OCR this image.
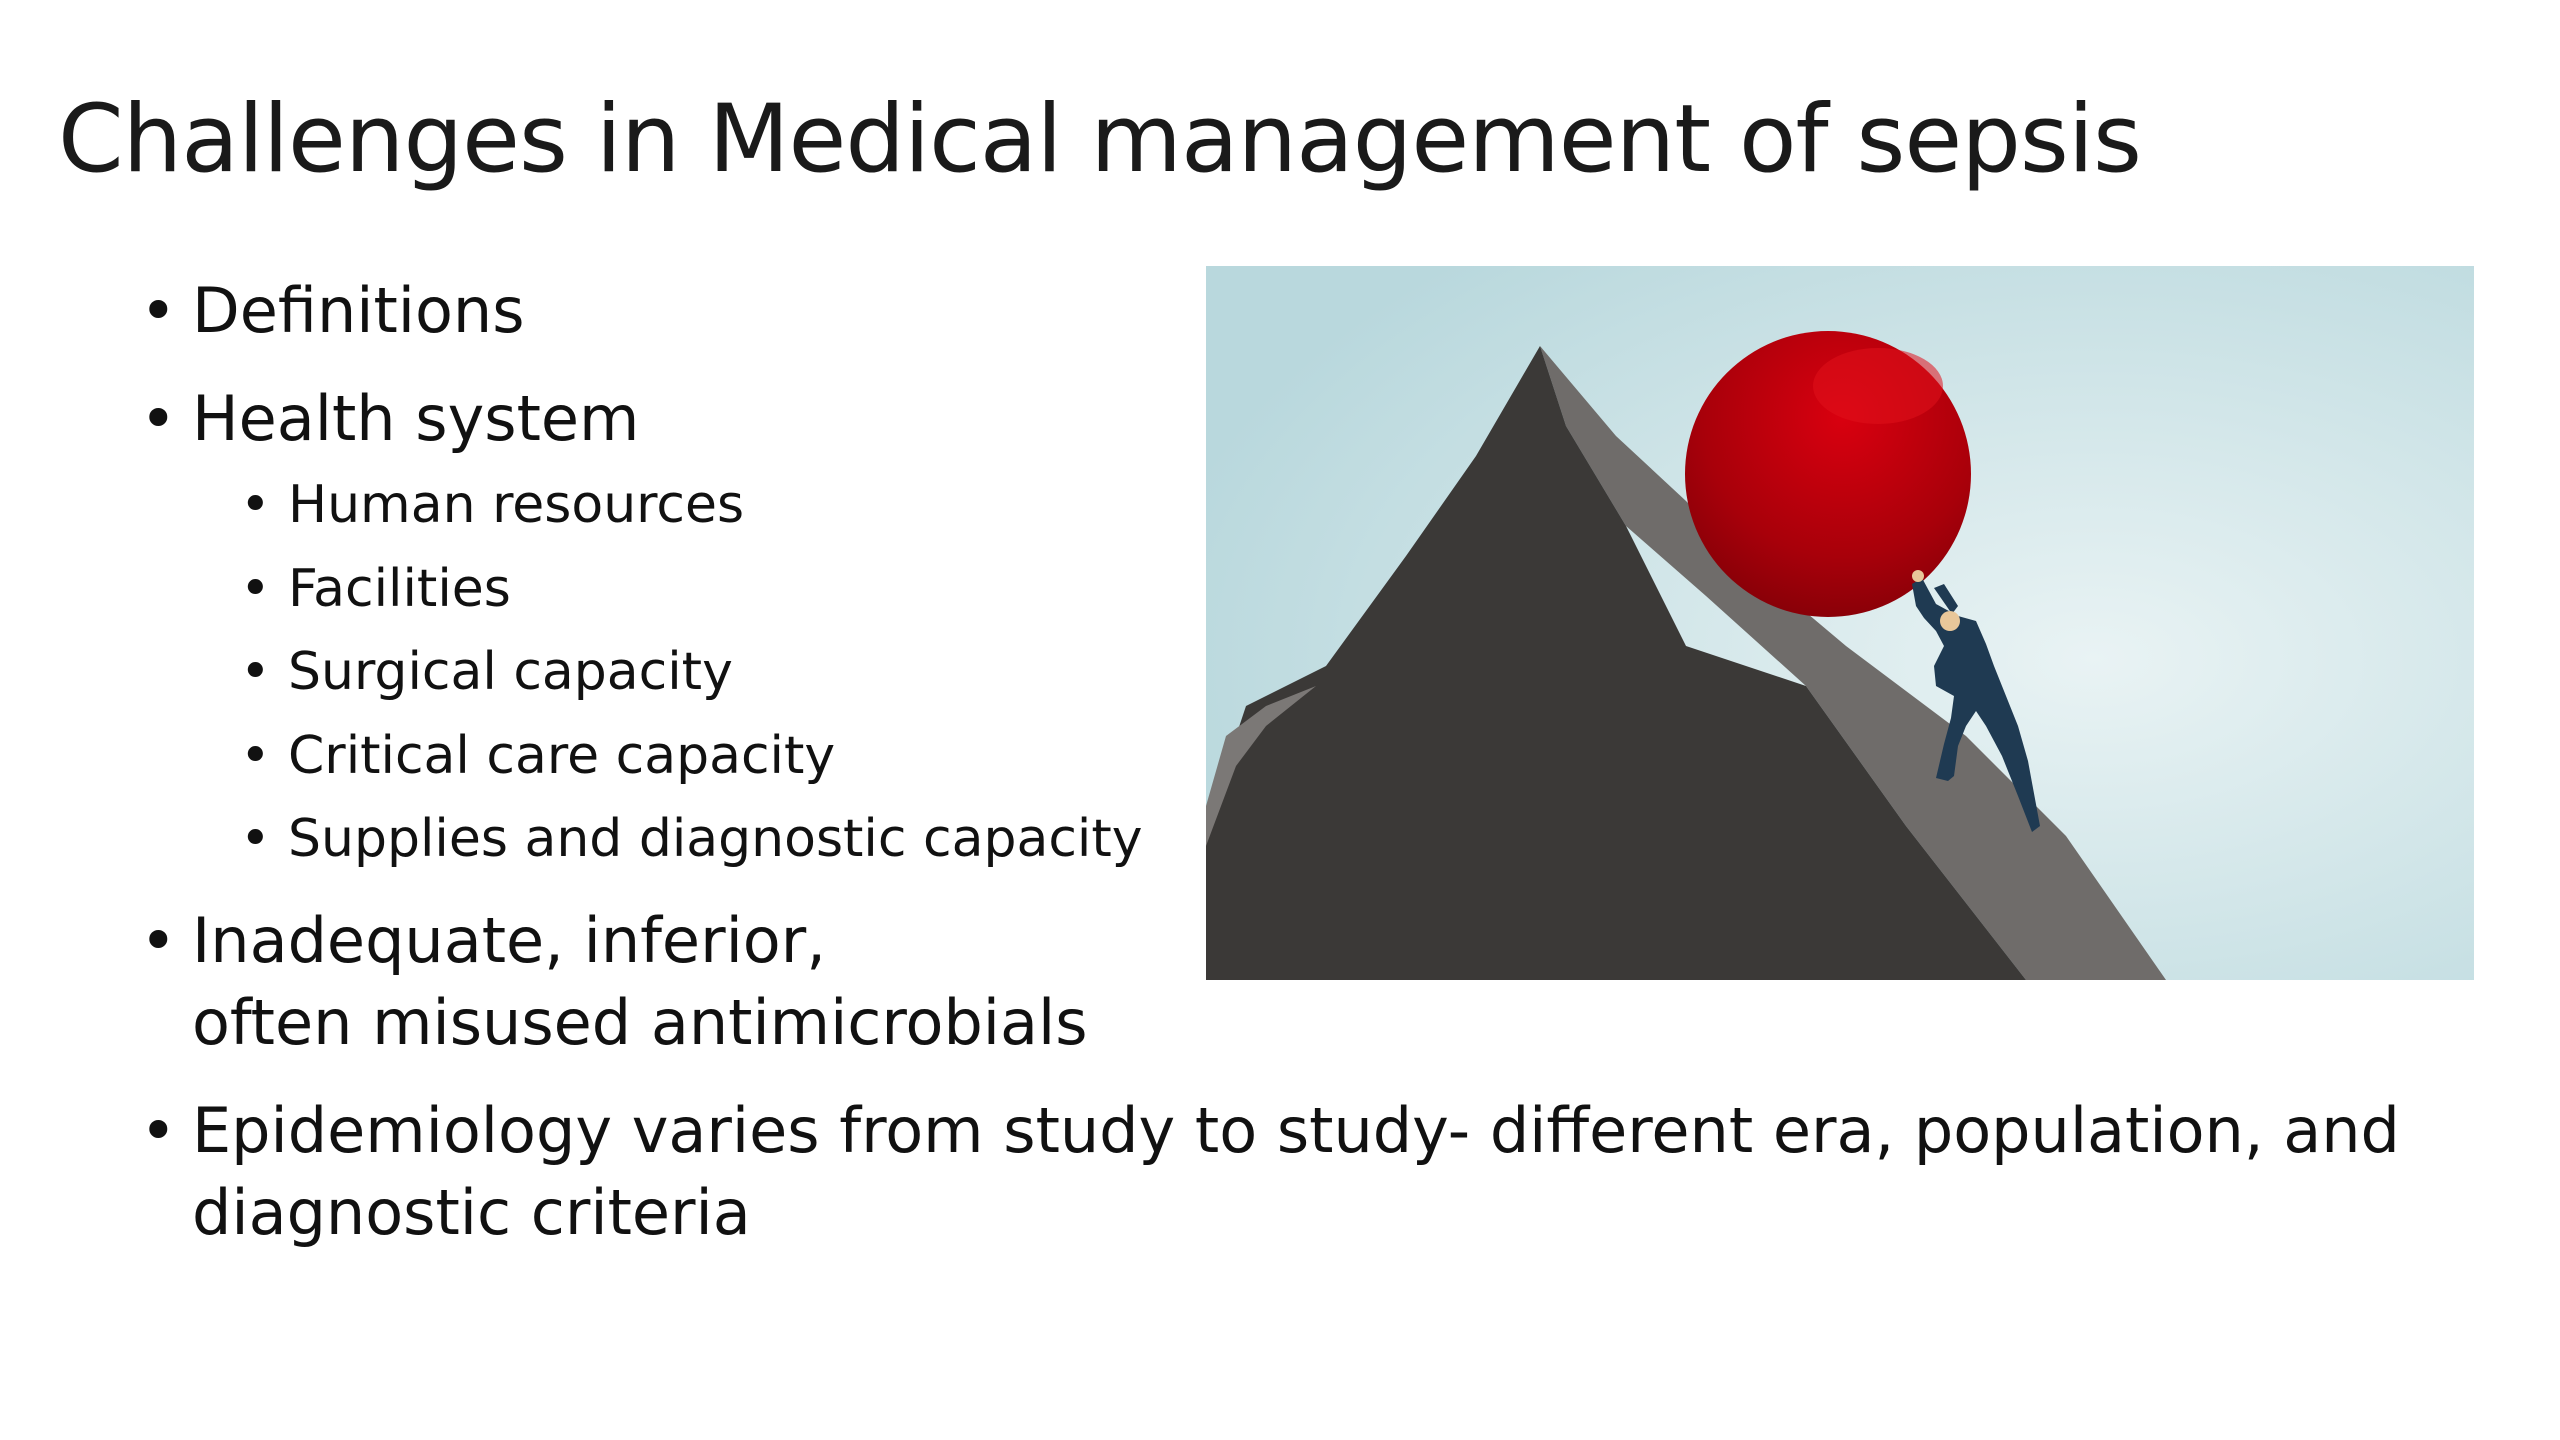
Challenges in Medical management of sepsis
• Definitions
• Health system
• Human resources
• Facilities
• Surgical capacity
• Critical care capacity
• Supplies and diagnostic capacity
• Inadequate, inferior,
often misused antimicrobials
• Epidemiology varies from study to study- different era, population, and
diagnostic criteria
